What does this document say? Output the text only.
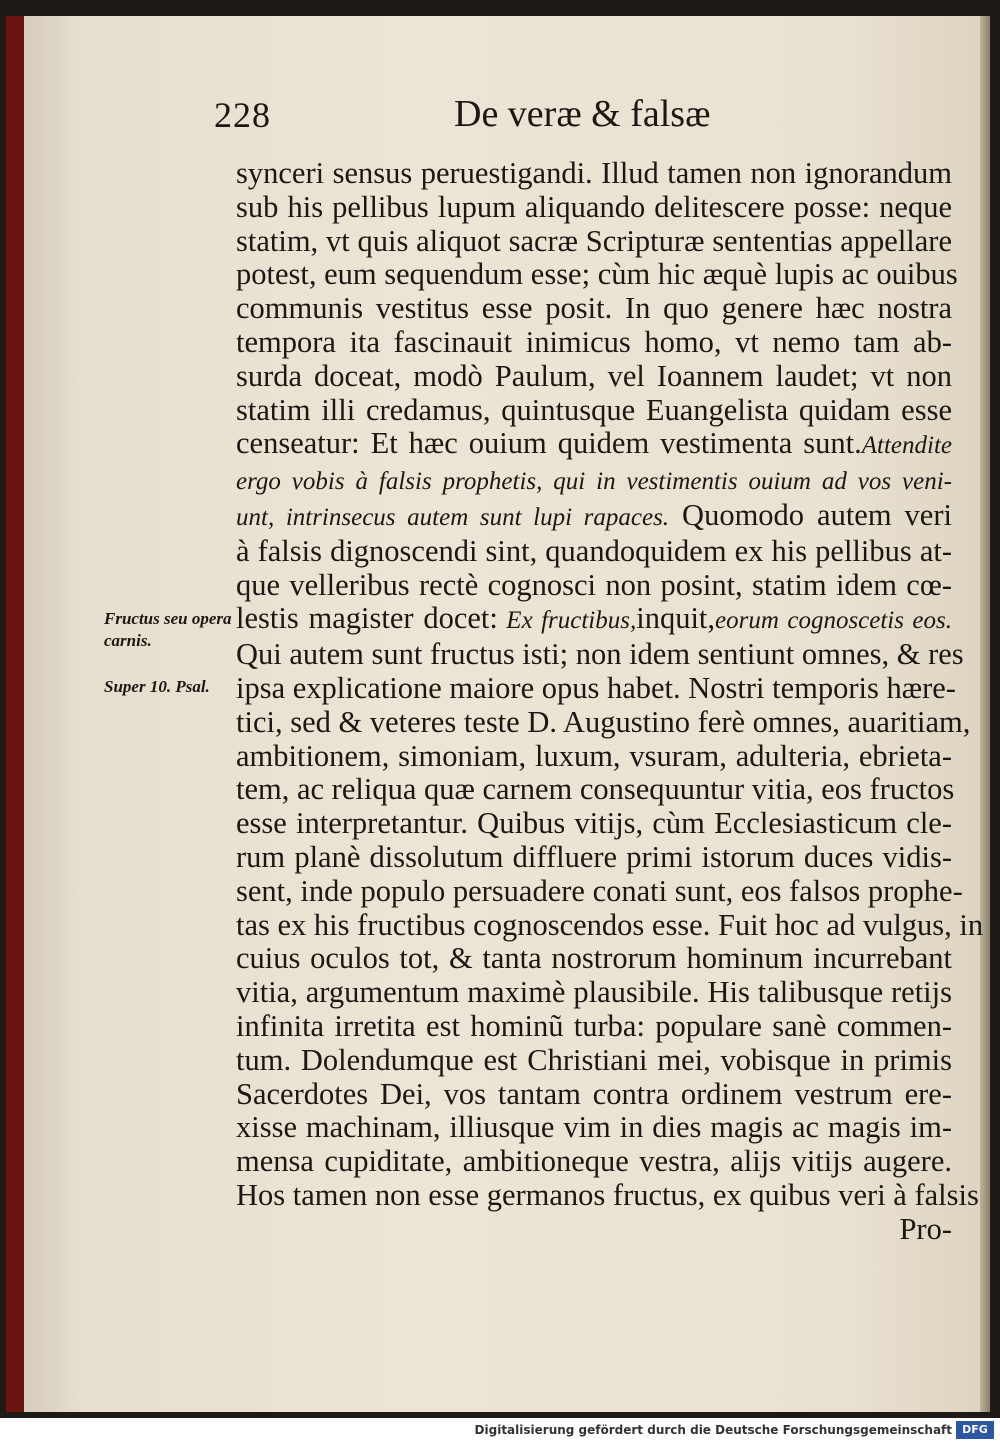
228	De veræ & falsæ
Fructus seu opera carnis.
Super 10. Psal.
synceri sensus peruestigandi. Illud tamen non ignorandum
sub his pellibus lupum aliquando delitescere posse: neque
statim, vt quis aliquot sacræ Scripturæ sententias appellare
potest, eum sequendum esse; cùm hic æquè lupis ac ouibus
communis vestitus esse posit. In quo genere hæc nostra
tempora ita fascinauit inimicus homo, vt nemo tam ab-
surda doceat, modò Paulum, vel Ioannem laudet; vt non
statim illi credamus, quintusque Euangelista quidam esse
censeatur: Et hæc ouium quidem vestimenta sunt.Attendite
ergo vobis à falsis prophetis, qui in vestimentis ouium ad vos veni-
unt, intrinsecus autem sunt lupi rapaces. Quomodo autem veri
à falsis dignoscendi sint, quandoquidem ex his pellibus at-
que velleribus rectè cognosci non posint, statim idem cœ-
lestis magister docet: Ex fructibus,inquit,eorum cognoscetis eos.
Qui autem sunt fructus isti; non idem sentiunt omnes, & res
ipsa explicatione maiore opus habet. Nostri temporis hære-
tici, sed & veteres teste D. Augustino ferè omnes, auaritiam,
ambitionem, simoniam, luxum, vsuram, adulteria, ebrieta-
tem, ac reliqua quæ carnem consequuntur vitia, eos fructos
esse interpretantur. Quibus vitijs, cùm Ecclesiasticum cle-
rum planè dissolutum diffluere primi istorum duces vidis-
sent, inde populo persuadere conati sunt, eos falsos prophe-
tas ex his fructibus cognoscendos esse. Fuit hoc ad vulgus, in
cuius oculos tot, & tanta nostrorum hominum incurrebant
vitia, argumentum maximè plausibile. His talibusque retijs
infinita irretita est hominũ turba: populare sanè commen-
tum. Dolendumque est Christiani mei, vobisque in primis
Sacerdotes Dei, vos tantam contra ordinem vestrum ere-
xisse machinam, illiusque vim in dies magis ac magis im-
mensa cupiditate, ambitioneque vestra, alijs vitijs augere.
Hos tamen non esse germanos fructus, ex quibus veri à falsis
Pro-
Digitalisierung gefördert durch die Deutsche Forschungsgemeinschaft DFG
